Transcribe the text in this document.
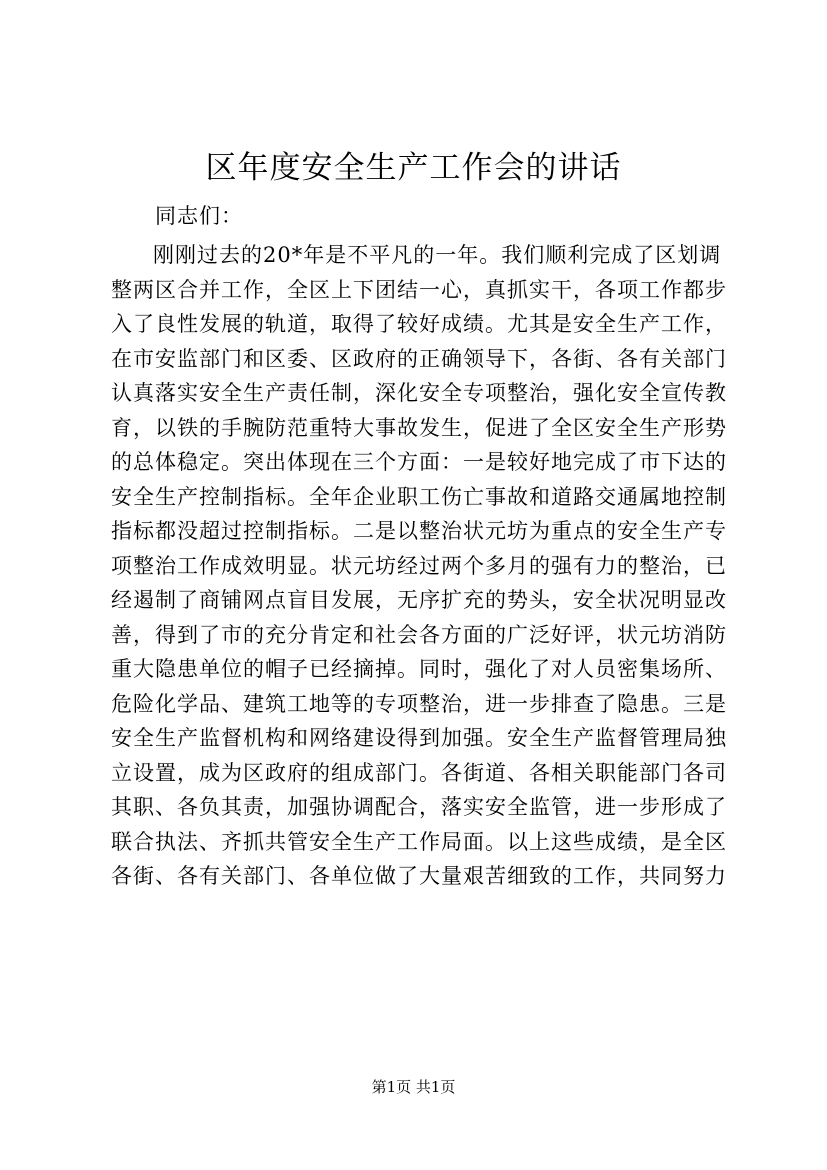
区年度安全生产工作会的讲话

同志们：

刚刚过去的20*年是不平凡的一年。我们顺利完成了区划调
整两区合并工作，全区上下团结一心，真抓实干，各项工作都步
入了良性发展的轨道，取得了较好成绩。尤其是安全生产工作，
在市安监部门和区委、区政府的正确领导下，各街、各有关部门
认真落实安全生产责任制，深化安全专项整治，强化安全宣传教
育，以铁的手腕防范重特大事故发生，促进了全区安全生产形势
的总体稳定。突出体现在三个方面：一是较好地完成了市下达的
安全生产控制指标。全年企业职工伤亡事故和道路交通属地控制
指标都没超过控制指标。二是以整治状元坊为重点的安全生产专
项整治工作成效明显。状元坊经过两个多月的强有力的整治，已
经遏制了商铺网点盲目发展，无序扩充的势头，安全状况明显改
善，得到了市的充分肯定和社会各方面的广泛好评，状元坊消防
重大隐患单位的帽子已经摘掉。同时，强化了对人员密集场所、
危险化学品、建筑工地等的专项整治，进一步排查了隐患。三是
安全生产监督机构和网络建设得到加强。安全生产监督管理局独
立设置，成为区政府的组成部门。各街道、各相关职能部门各司
其职、各负其责，加强协调配合，落实安全监管，进一步形成了
联合执法、齐抓共管安全生产工作局面。以上这些成绩，是全区
各街、各有关部门、各单位做了大量艰苦细致的工作，共同努力
第1页 共1页
